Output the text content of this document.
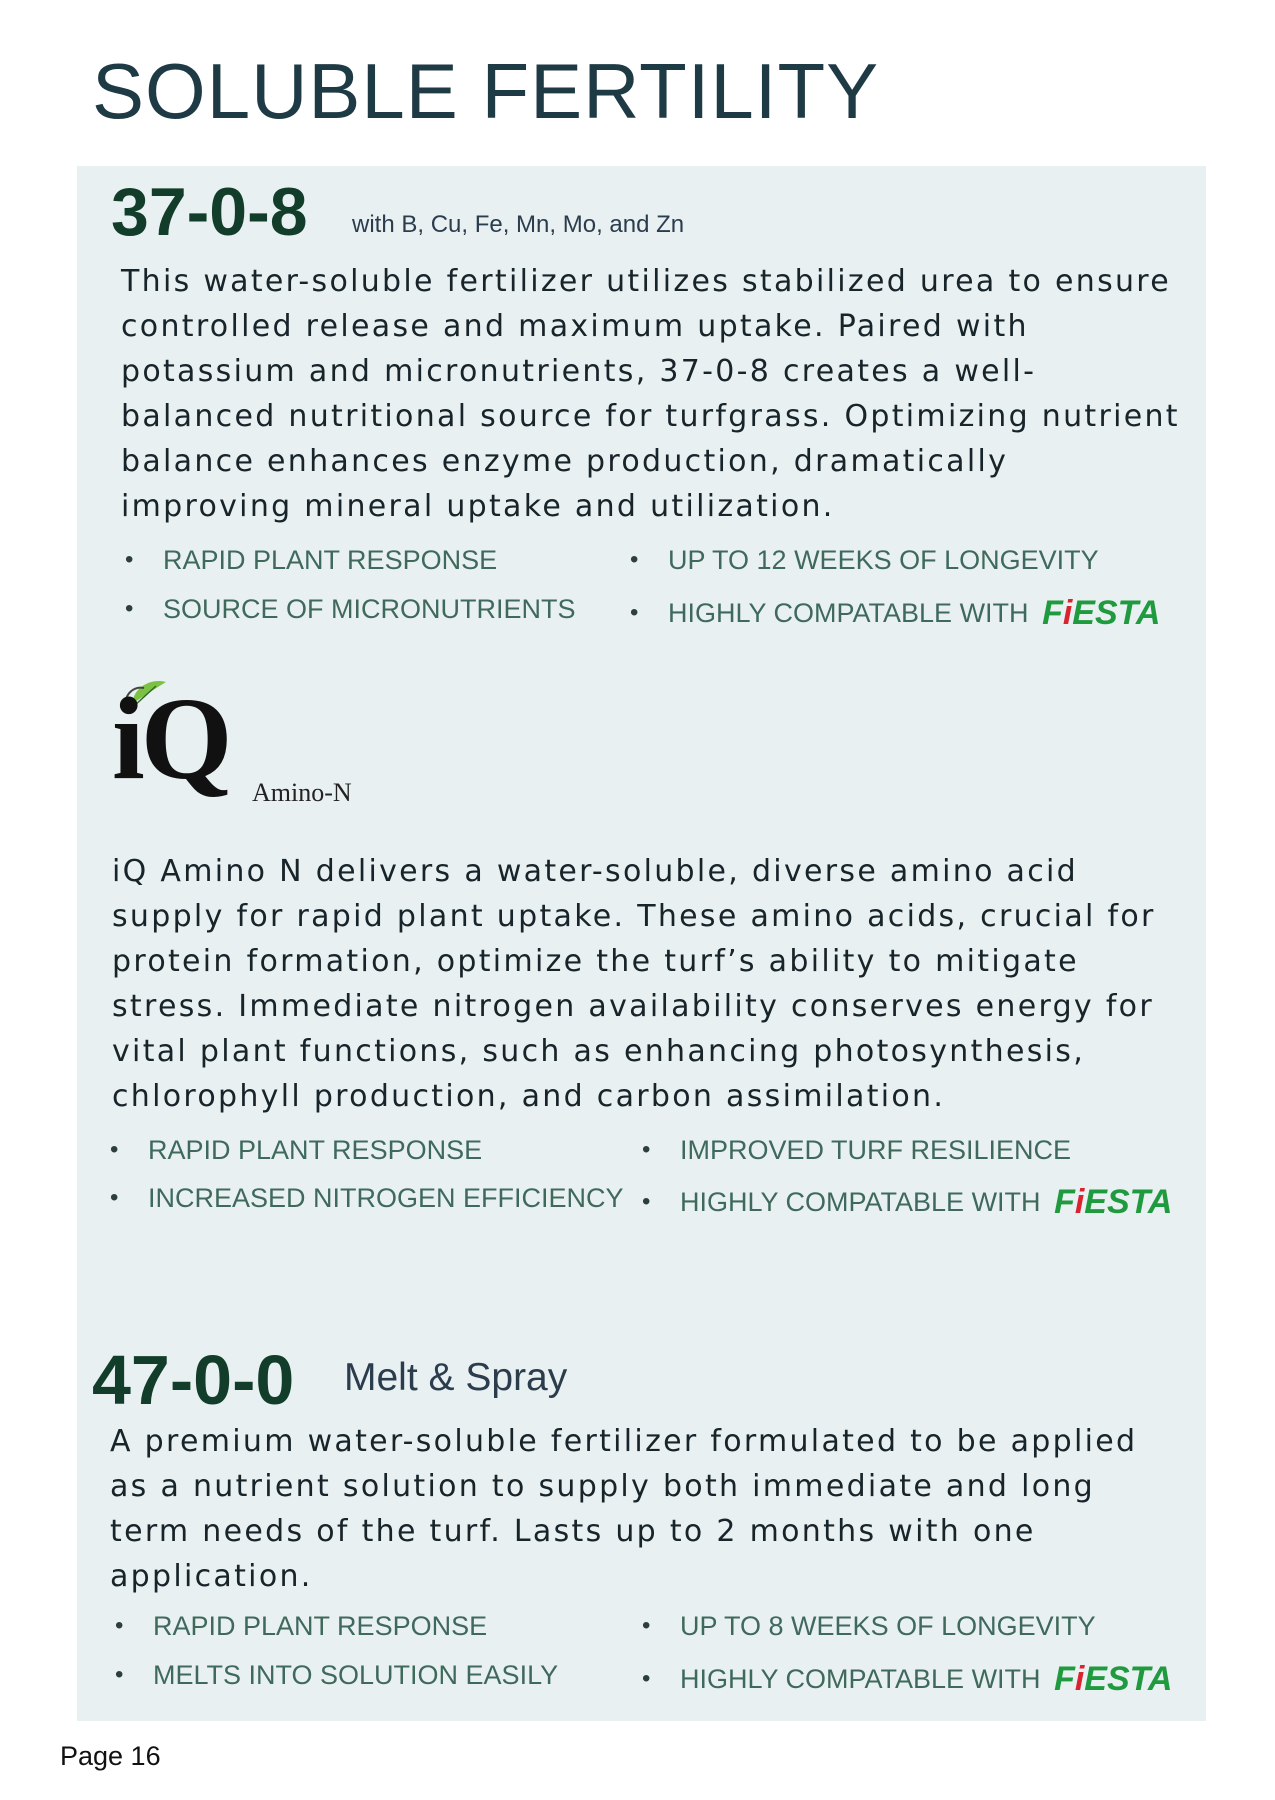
SOLUBLE FERTILITY
37-0-8 with B, Cu, Fe, Mn, Mo, and Zn
This water-soluble fertilizer utilizes stabilized urea to ensure controlled release and maximum uptake. Paired with potassium and micronutrients, 37-0-8 creates a well-balanced nutritional source for turfgrass. Optimizing nutrient balance enhances enzyme production, dramatically improving mineral uptake and utilization.
• RAPID PLANT RESPONSE	• UP TO 12 WEEKS OF LONGEVITY
• SOURCE OF MICRONUTRIENTS • HIGHLY COMPATABLE WITH FiESTA
iQ Amino-N
iQ Amino N delivers a water-soluble, diverse amino acid supply for rapid plant uptake. These amino acids, crucial for protein formation, optimize the turf’s ability to mitigate stress. Immediate nitrogen availability conserves energy for vital plant functions, such as enhancing photosynthesis, chlorophyll production, and carbon assimilation.
• RAPID PLANT RESPONSE	• IMPROVED TURF RESILIENCE
• INCREASED NITROGEN EFFICIENCY • HIGHLY COMPATABLE WITH FiESTA
47-0-0 Melt & Spray
A premium water-soluble fertilizer formulated to be applied as a nutrient solution to supply both immediate and long term needs of the turf. Lasts up to 2 months with one application.
• RAPID PLANT RESPONSE	• UP TO 8 WEEKS OF LONGEVITY
• MELTS INTO SOLUTION EASILY	• HIGHLY COMPATABLE WITH FiESTA
Page 16
